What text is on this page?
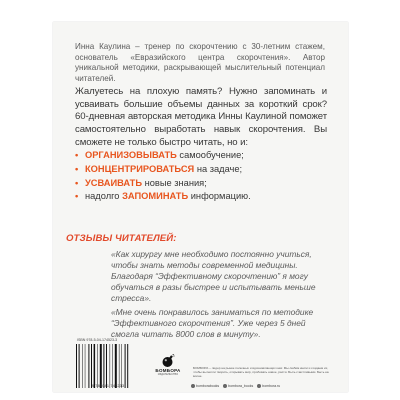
Инна Каулина – тренер по скорочтению с 30-летним стажем, основатель «Евразийского центра скорочтения». Автор уникальной методики, раскрывающей мыслительный потенциал читателей.
Жалуетесь на плохую память? Нужно запоминать и усваивать большие объемы данных за короткий срок? 60-дневная авторская методика Инны Каулиной поможет самостоятельно выработать навык скорочтения. Вы сможете не только быстро читать, но и:
• ОРГАНИЗОВЫВАТЬ самообучение;
• КОНЦЕНТРИРОВАТЬСЯ на задаче;
• УСВАИВАТЬ новые знания;
• надолго ЗАПОМИНАТЬ информацию.
ОТЗЫВЫ ЧИТАТЕЛЕЙ:
«Как хирургу мне необходимо постоянно учиться, чтобы знать методы современной медицины. Благодаря “Эффективному скорочтению” я могу обучаться в разы быстрее и испытывать меньше стресса».
«Мне очень понравилось заниматься по методике “Эффективного скорочтения”. Уже через 5 дней смогла читать 8000 слов в минуту».
ISBN 978-5-04-174523-3
9 785041 745233
БОМБОРА
ИЗДАТЕЛЬСТВО
БОМБОРА – лидер на рынке полезных и вдохновляющих книг. Мы любим книги и создаем их, чтобы вы могли творить, открывать мир, пробовать новое, расти. Быть счастливыми. Быть на волне.
bomborabooks	bombora_books	bombora.ru
